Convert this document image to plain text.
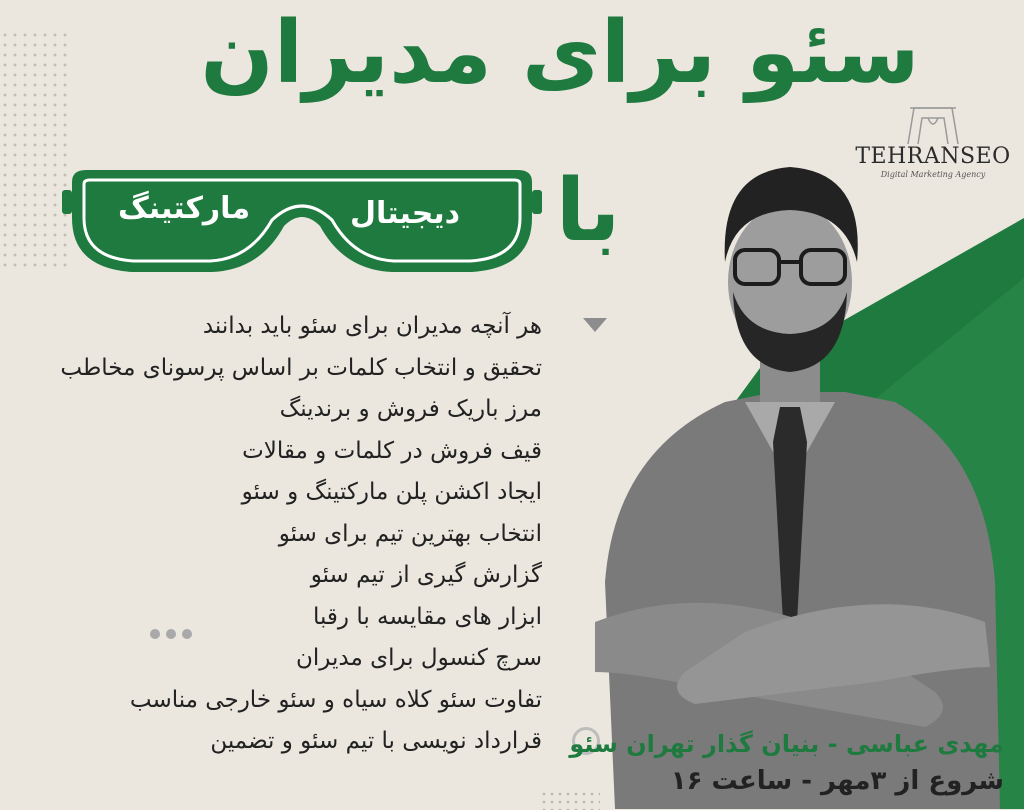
سئو برای مدیران
مارکتینگ	دیجیتال با
TEHRANSEO
Digital Marketing Agency
هر آنچه مدیران برای سئو باید بدانند
تحقیق و انتخاب کلمات بر اساس پرسونای مخاطب
مرز باریک فروش و برندینگ
قیف فروش در کلمات و مقالات
ایجاد اکشن پلن مارکتینگ و سئو
انتخاب بهترین تیم برای سئو
گزارش گیری از تیم سئو
ابزار های مقایسه با رقبا
سرچ کنسول برای مدیران
تفاوت سئو کلاه سیاه و سئو خارجی مناسب
قرارداد نویسی با تیم سئو و تضمین مهدی عباسی - بنیان گذار تهران سئو
شروع از ۳مهر - ساعت ۱۶
